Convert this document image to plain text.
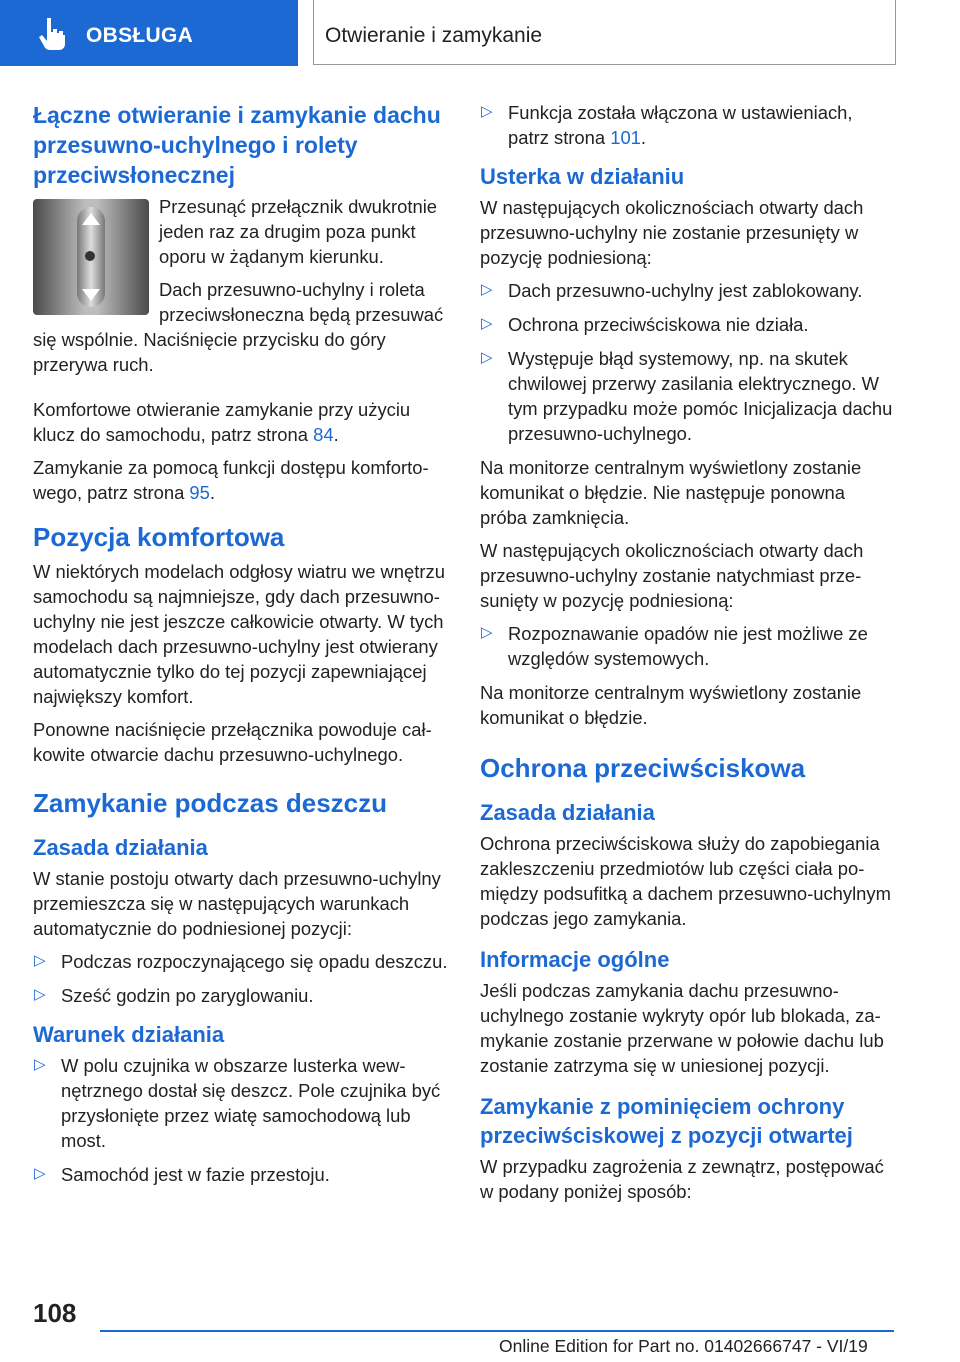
OBSŁUGA	Otwieranie i zamykanie
Łączne otwieranie i zamykanie dachu przesuwno-uchylnego i rolety przeciwsłonecznej

Przesunąć przełącznik dwukrotnie jeden raz za drugim poza punkt oporu w żądanym kierunku.

Dach przesuwno-uchylny i roleta przeciwsłoneczna będą przesuwać się wspólnie. Naciśnięcie przycisku do góry przerywa ruch.

Komfortowe otwieranie zamykanie przy użyciu klucz do samochodu, patrz strona 84.

Zamykanie za pomocą funkcji dostępu komfortowego, patrz strona 95.

Pozycja komfortowa

W niektórych modelach odgłosy wiatru we wnętrzu samochodu są najmniejsze, gdy dach przesuwno-uchylny nie jest jeszcze całkowicie otwarty. W tych modelach dach przesuwno-uchylny jest otwierany automatycznie tylko do tej pozycji zapewniającej największy komfort.

Ponowne naciśnięcie przełącznika powoduje całkowite otwarcie dachu przesuwno-uchylnego.

Zamykanie podczas deszczu
Zasada działania

W stanie postoju otwarty dach przesuwno-uchylny przemieszcza się w następujących warunkach automatycznie do podniesionej pozycji:

▷ Podczas rozpoczynającego się opadu deszczu.
▷ Sześć godzin po zaryglowaniu.
Warunek działania
▷ W polu czujnika w obszarze lusterka wewnętrznego dostał się deszcz. Pole czujnika być przysłonięte przez wiatę samochodową lub most.
▷ Samochód jest w fazie przestoju.
▷ Funkcja została włączona w ustawieniach, patrz strona 101.
Usterka w działaniu

W następujących okolicznościach otwarty dach przesuwno-uchylny nie zostanie przesunięty w pozycję podniesioną:

▷ Dach przesuwno-uchylny jest zablokowany.
▷ Ochrona przeciwściskowa nie działa.
▷ Występuje błąd systemowy, np. na skutek chwilowej przerwy zasilania elektrycznego. W tym przypadku może pomóc Inicjalizacja dachu przesuwno-uchylnego.

Na monitorze centralnym wyświetlony zostanie komunikat o błędzie. Nie następuje ponowna próba zamknięcia.

W następujących okolicznościach otwarty dach przesuwno-uchylny zostanie natychmiast przesunięty w pozycję podniesioną:

▷ Rozpoznawanie opadów nie jest możliwe ze względów systemowych.

Na monitorze centralnym wyświetlony zostanie komunikat o błędzie.

Ochrona przeciwściskowa
Zasada działania

Ochrona przeciwściskowa służy do zapobiegania zakleszczeniu przedmiotów lub części ciała pomiędzy podsufitką a dachem przesuwno-uchylnym podczas jego zamykania.

Informacje ogólne

Jeśli podczas zamykania dachu przesuwno-uchylnego zostanie wykryty opór lub blokada, zamykanie zostanie przerwane w połowie dachu lub zostanie zatrzyma się w uniesionej pozycji.

Zamykanie z pominięciem ochrony przeciwściskowej z pozycji otwartej

W przypadku zagrożenia z zewnątrz, postępować w podany poniżej sposób:

108
Online Edition for Part no. 01402666747 - VI/19
